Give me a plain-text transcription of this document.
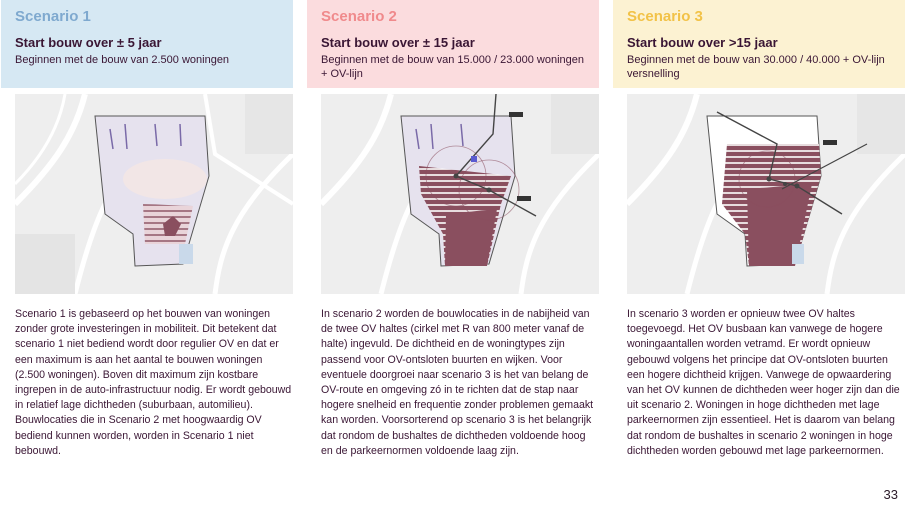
Scenario 1

Start bouw over ± 5 jaar

Beginnen met de bouw van 2.500 woningen

Scenario 1 is gebaseerd op het bouwen van woningen zonder grote investeringen in mobiliteit. Dit betekent dat scenario 1 niet bediend wordt door regulier OV en dat er een maximum is aan het aantal te bouwen woningen (2.500 woningen). Boven dit maximum zijn kostbare ingrepen in de auto-infrastructuur nodig. Er wordt gebouwd in relatief lage dichtheden (suburbaan, automilieu). Bouwlocaties die in Scenario 2 met hoogwaardig OV bediend kunnen worden, worden in Scenario 1 niet bebouwd.

Scenario 2

Start bouw over ± 15 jaar

Beginnen met de bouw van 15.000 / 23.000 woningen + OV-lijn

In scenario 2 worden de bouwlocaties in de nabijheid van de twee OV haltes (cirkel met R van 800 meter vanaf de halte) ingevuld. De dichtheid en de woningtypes zijn passend voor OV-ontsloten buurten en wijken. Voor eventuele doorgroei naar scenario 3 is het van belang de OV-route en omgeving zó in te richten dat de stap naar hogere snelheid en frequentie zonder problemen gemaakt kan worden. Voorsorterend op scenario 3 is het belangrijk dat rondom de bushaltes de dichtheden voldoende hoog en de parkeernormen voldoende laag zijn.

Scenario 3

Start bouw over >15 jaar

Beginnen met de bouw van 30.000 / 40.000 + OV-lijn versnelling

In scenario 3 worden er opnieuw twee OV haltes toegevoegd. Het OV busbaan kan vanwege de hogere woningaantallen worden vetramd. Er wordt opnieuw gebouwd volgens het principe dat OV-ontsloten buurten een hogere dichtheid krijgen. Vanwege de opwaardering van het OV kunnen de dichtheden weer hoger zijn dan die uit scenario 2. Woningen in hoge dichtheden met lage parkeernormen zijn essentieel. Het is daarom van belang dat rondom de bushaltes in scenario 2 woningen in hoge dichtheden worden gebouwd met lage parkeernormen.

33
